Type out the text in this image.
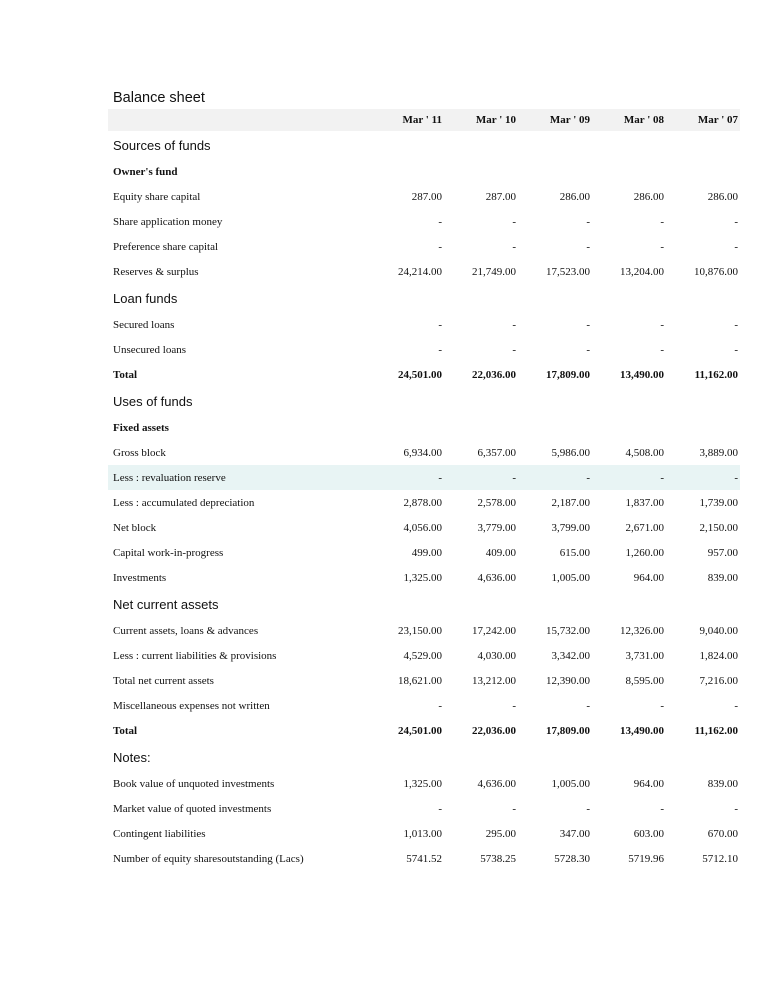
Balance sheet
	Mar ' 11	Mar ' 10	Mar ' 09	Mar ' 08	Mar ' 07
Sources of funds					
Owner's fund					
Equity share capital	287.00	287.00	286.00	286.00	286.00
Share application money	-	-	-	-	-
Preference share capital	-	-	-	-	-
Reserves & surplus	24,214.00	21,749.00	17,523.00	13,204.00	10,876.00
Loan funds					
Secured loans	-	-	-	-	-
Unsecured loans	-	-	-	-	-
Total	24,501.00	22,036.00	17,809.00	13,490.00	11,162.00
Uses of funds					
Fixed assets					
Gross block	6,934.00	6,357.00	5,986.00	4,508.00	3,889.00
Less : revaluation reserve	-	-	-	-	-
Less : accumulated depreciation	2,878.00	2,578.00	2,187.00	1,837.00	1,739.00
Net block	4,056.00	3,779.00	3,799.00	2,671.00	2,150.00
Capital work-in-progress	499.00	409.00	615.00	1,260.00	957.00
Investments	1,325.00	4,636.00	1,005.00	964.00	839.00
Net current assets					
Current assets, loans & advances	23,150.00	17,242.00	15,732.00	12,326.00	9,040.00
Less : current liabilities & provisions	4,529.00	4,030.00	3,342.00	3,731.00	1,824.00
Total net current assets	18,621.00	13,212.00	12,390.00	8,595.00	7,216.00
Miscellaneous expenses not written	-	-	-	-	-
Total	24,501.00	22,036.00	17,809.00	13,490.00	11,162.00
Notes:					
Book value of unquoted investments	1,325.00	4,636.00	1,005.00	964.00	839.00
Market value of quoted investments	-	-	-	-	-
Contingent liabilities	1,013.00	295.00	347.00	603.00	670.00
Number of equity sharesoutstanding (Lacs)	5741.52	5738.25	5728.30	5719.96	5712.10
